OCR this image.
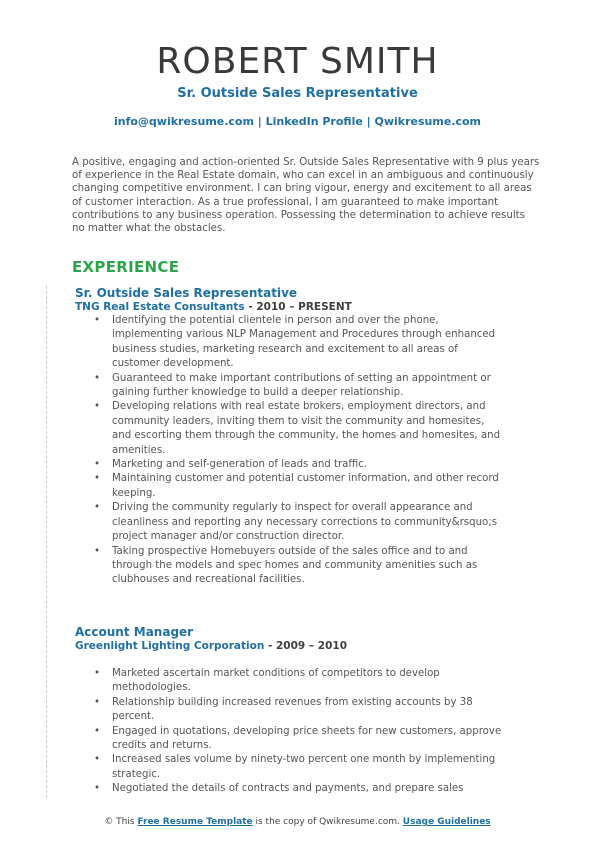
ROBERT SMITH
Sr. Outside Sales Representative
info@qwikresume.com | LinkedIn Profile | Qwikresume.com
A positive, engaging and action-oriented Sr. Outside Sales Representative with 9 plus years of experience in the Real Estate domain, who can excel in an ambiguous and continuously changing competitive environment. I can bring vigour, energy and excitement to all areas of customer interaction. As a true professional, I am guaranteed to make important contributions to any business operation. Possessing the determination to achieve results no matter what the obstacles.
EXPERIENCE
Sr. Outside Sales Representative
TNG Real Estate Consultants - 2010 – PRESENT
• Identifying the potential clientele in person and over the phone, implementing various NLP Management and Procedures through enhanced business studies, marketing research and excitement to all areas of customer development.
• Guaranteed to make important contributions of setting an appointment or gaining further knowledge to build a deeper relationship.
• Developing relations with real estate brokers, employment directors, and community leaders, inviting them to visit the community and homesites, and escorting them through the community, the homes and homesites, and amenities.
• Marketing and self-generation of leads and traffic.
• Maintaining customer and potential customer information, and other record keeping.
• Driving the community regularly to inspect for overall appearance and cleanliness and reporting any necessary corrections to community&rsquo;s project manager and/or construction director.
• Taking prospective Homebuyers outside of the sales office and to and through the models and spec homes and community amenities such as clubhouses and recreational facilities.
Account Manager
Greenlight Lighting Corporation - 2009 – 2010
• Marketed ascertain market conditions of competitors to develop methodologies.
• Relationship building increased revenues from existing accounts by 38 percent.
• Engaged in quotations, developing price sheets for new customers, approve credits and returns.
• Increased sales volume by ninety-two percent one month by implementing strategic.
• Negotiated the details of contracts and payments, and prepare sales
© This Free Resume Template is the copy of Qwikresume.com. Usage Guidelines
